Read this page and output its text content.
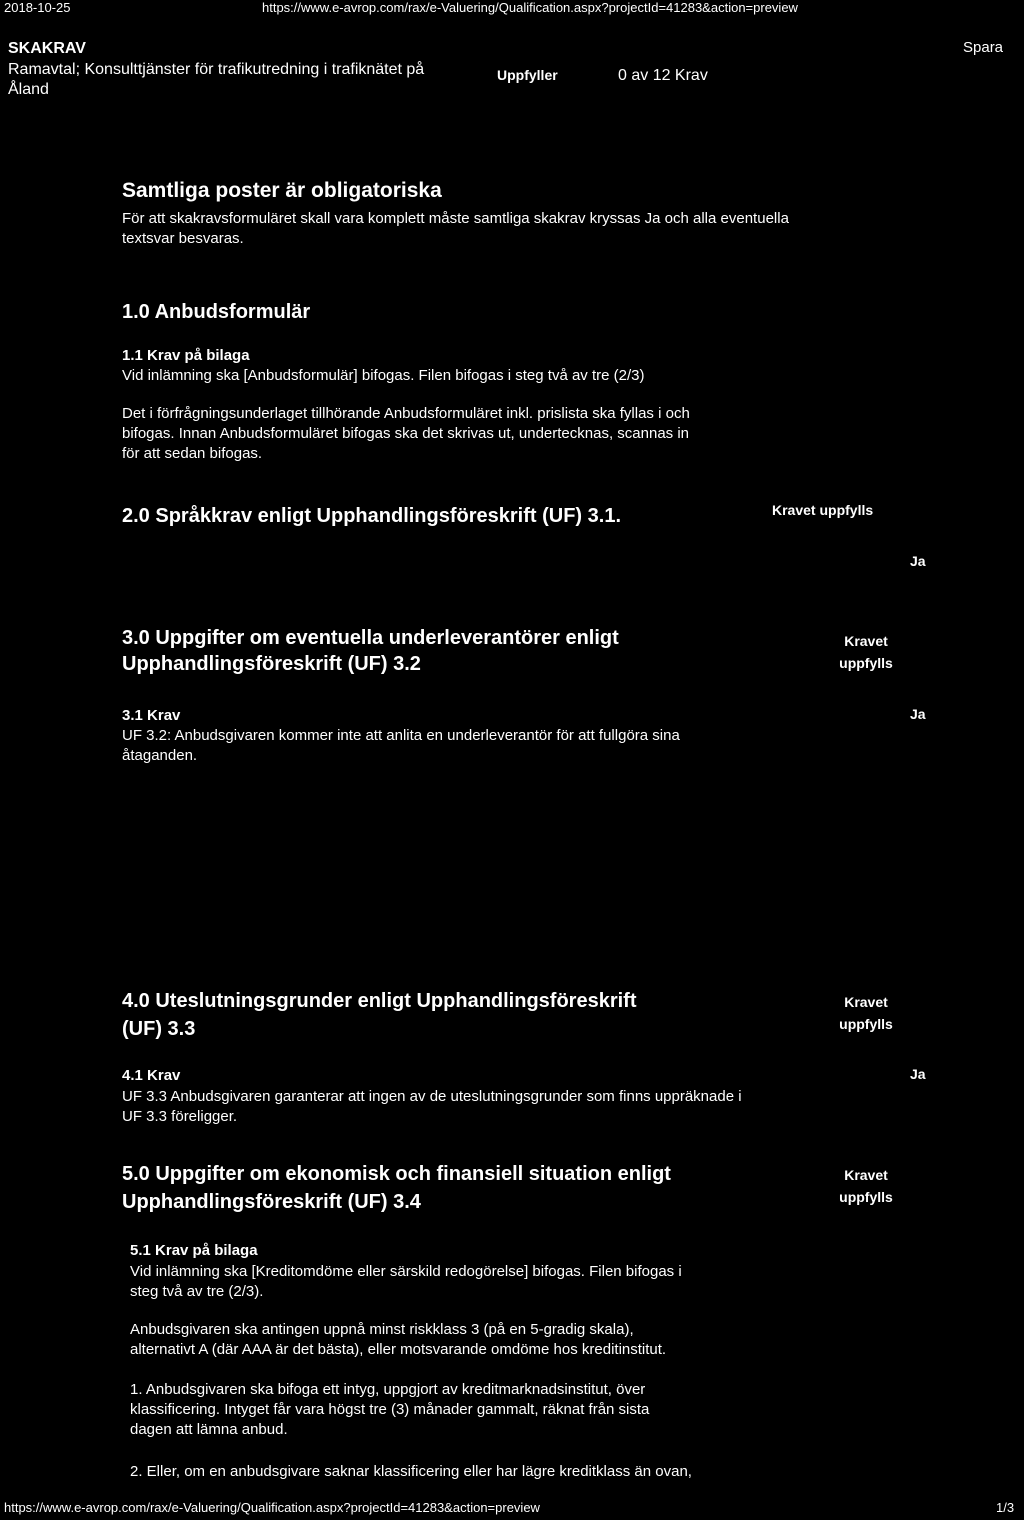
2018-10-25	https://www.e-avrop.com/rax/e-Valuering/Qualification.aspx?projectId=41283&action=preview
SKAKRAV
Ramavtal; Konsulttjänster för trafikutredning i trafiknätet på
Åland
Uppfyller	0 av 12 Krav
Spara
Samtliga poster är obligatoriska
För att skakravsformuläret skall vara komplett måste samtliga skakrav kryssas Ja och alla eventuella
textsvar besvaras.
1.0 Anbudsformulär
1.1 Krav på bilaga
Vid inlämning ska [Anbudsformulär] bifogas. Filen bifogas i steg två av tre (2/3)
Det i förfrågningsunderlaget tillhörande Anbudsformuläret inkl. prislista ska fyllas i och
bifogas. Innan Anbudsformuläret bifogas ska det skrivas ut, undertecknas, scannas in
för att sedan bifogas.
2.0 Språkkrav enligt Upphandlingsföreskrift (UF) 3.1.	Kravet uppfylls
Ja
3.0 Uppgifter om eventuella underleverantörer enligt
Upphandlingsföreskrift (UF) 3.2
Kravet
uppfylls
3.1 Krav	Ja
UF 3.2: Anbudsgivaren kommer inte att anlita en underleverantör för att fullgöra sina
åtaganden.
4.0 Uteslutningsgrunder enligt Upphandlingsföreskrift
(UF) 3.3
Kravet
uppfylls
4.1 Krav	Ja
UF 3.3 Anbudsgivaren garanterar att ingen av de uteslutningsgrunder som finns uppräknade i
UF 3.3 föreligger.
5.0 Uppgifter om ekonomisk och finansiell situation enligt
Upphandlingsföreskrift (UF) 3.4
Kravet
uppfylls
5.1 Krav på bilaga
Vid inlämning ska [Kreditomdöme eller särskild redogörelse] bifogas. Filen bifogas i
steg två av tre (2/3).
Anbudsgivaren ska antingen uppnå minst riskklass 3 (på en 5-gradig skala),
alternativt A (där AAA är det bästa), eller motsvarande omdöme hos kreditinstitut.
1. Anbudsgivaren ska bifoga ett intyg, uppgjort av kreditmarknadsinstitut, över
klassificering. Intyget får vara högst tre (3) månader gammalt, räknat från sista
dagen att lämna anbud.
2. Eller, om en anbudsgivare saknar klassificering eller har lägre kreditklass än ovan,
https://www.e-avrop.com/rax/e-Valuering/Qualification.aspx?projectId=41283&action=preview	1/3
